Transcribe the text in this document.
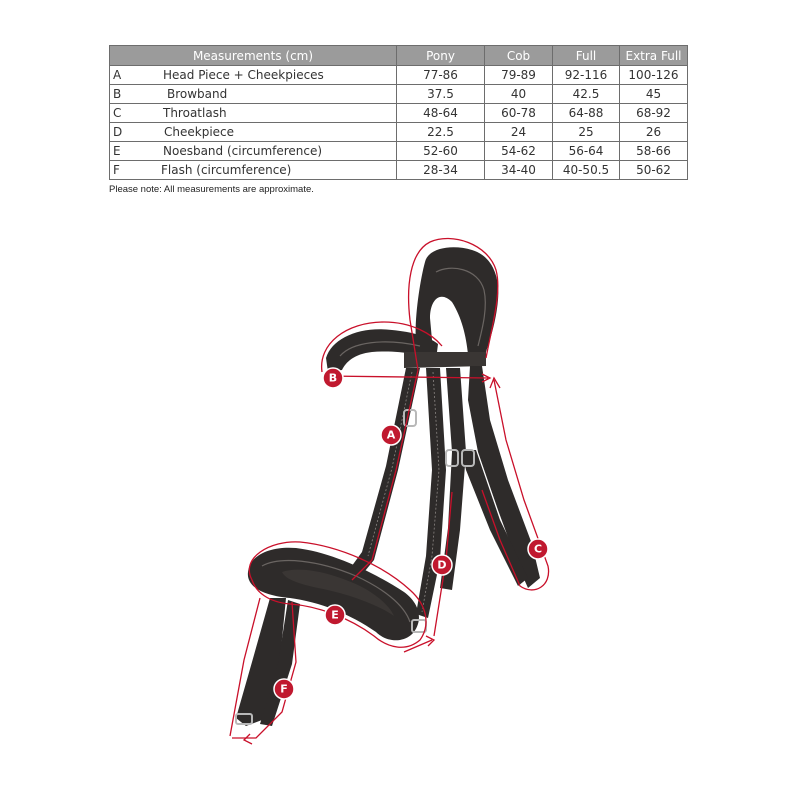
Measurements (cm)	Pony	Cob	Full	Extra Full

A Head Piece + Cheekpieces	77-86	79-89	92-116	100-126

B Browband	37.5	40	42.5	45

C Throatlash	48-64	60-78	64-88	68-92

D Cheekpiece	22.5	24	25	26

E Noesband (circumference)	52-60	54-62	56-64	58-66

F Flash (circumference)	28-34	34-40	40-50.5	50-62
Please note: All measurements are approximate.
A
B
C
D
E
F
